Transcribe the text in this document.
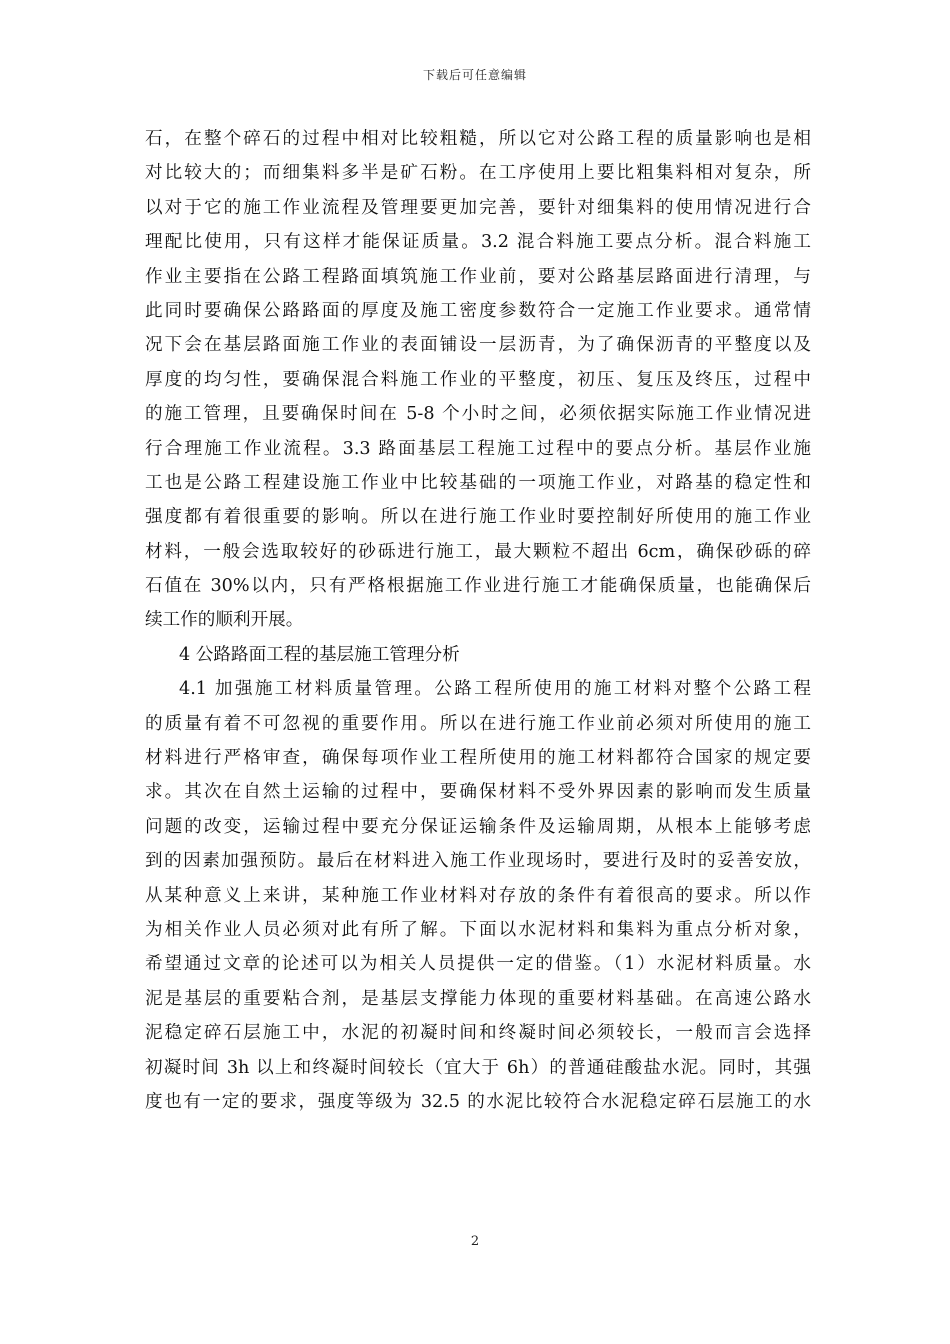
下载后可任意编辑
石，在整个碎石的过程中相对比较粗糙，所以它对公路工程的质量影响也是相
对比较大的；而细集料多半是矿石粉。在工序使用上要比粗集料相对复杂，所
以对于它的施工作业流程及管理要更加完善，要针对细集料的使用情况进行合
理配比使用，只有这样才能保证质量。3.2 混合料施工要点分析。混合料施工
作业主要指在公路工程路面填筑施工作业前，要对公路基层路面进行清理，与
此同时要确保公路路面的厚度及施工密度参数符合一定施工作业要求。通常情
况下会在基层路面施工作业的表面铺设一层沥青，为了确保沥青的平整度以及
厚度的均匀性，要确保混合料施工作业的平整度，初压、复压及终压，过程中
的施工管理，且要确保时间在 5-8 个小时之间，必须依据实际施工作业情况进
行合理施工作业流程。3.3 路面基层工程施工过程中的要点分析。基层作业施
工也是公路工程建设施工作业中比较基础的一项施工作业，对路基的稳定性和
强度都有着很重要的影响。所以在进行施工作业时要控制好所使用的施工作业
材料，一般会选取较好的砂砾进行施工，最大颗粒不超出 6cm，确保砂砾的碎
石值在 30%以内，只有严格根据施工作业进行施工才能确保质量，也能确保后
续工作的顺利开展。
4 公路路面工程的基层施工管理分析
4.1 加强施工材料质量管理。公路工程所使用的施工材料对整个公路工程
的质量有着不可忽视的重要作用。所以在进行施工作业前必须对所使用的施工
材料进行严格审查，确保每项作业工程所使用的施工材料都符合国家的规定要
求。其次在自然土运输的过程中，要确保材料不受外界因素的影响而发生质量
问题的改变，运输过程中要充分保证运输条件及运输周期，从根本上能够考虑
到的因素加强预防。最后在材料进入施工作业现场时，要进行及时的妥善安放，
从某种意义上来讲，某种施工作业材料对存放的条件有着很高的要求。所以作
为相关作业人员必须对此有所了解。下面以水泥材料和集料为重点分析对象，
希望通过文章的论述可以为相关人员提供一定的借鉴。（1）水泥材料质量。水
泥是基层的重要粘合剂，是基层支撑能力体现的重要材料基础。在高速公路水
泥稳定碎石层施工中，水泥的初凝时间和终凝时间必须较长，一般而言会选择
初凝时间 3h 以上和终凝时间较长（宜大于 6h）的普通硅酸盐水泥。同时，其强
度也有一定的要求，强度等级为 32.5 的水泥比较符合水泥稳定碎石层施工的水
2
